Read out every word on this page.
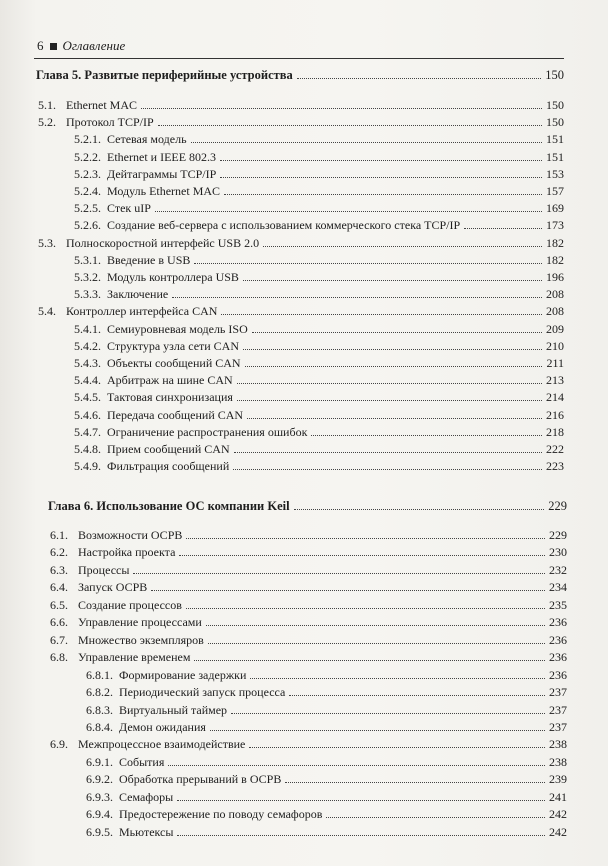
6 Оглавление
Глава 5. Развитые периферийные устройства	150
5.1. Ethernet MAC	150
5.2. Протокол TCP/IP	150
5.2.1. Сетевая модель	151
5.2.2. Ethernet и IEEE 802.3	151
5.2.3. Дейтаграммы TCP/IP	153
5.2.4. Модуль Ethernet MAC	157
5.2.5. Стек uIP	169
5.2.6. Создание веб-сервера с использованием коммерческого стека TCP/IP	173
5.3. Полноскоростной интерфейс USB 2.0	182
5.3.1. Введение в USB	182
5.3.2. Модуль контроллера USB	196
5.3.3. Заключение	208
5.4. Контроллер интерфейса CAN	208
5.4.1. Семиуровневая модель ISO	209
5.4.2. Структура узла сети CAN	210
5.4.3. Объекты сообщений CAN	211
5.4.4. Арбитраж на шине CAN	213
5.4.5. Тактовая синхронизация	214
5.4.6. Передача сообщений CAN	216
5.4.7. Ограничение распространения ошибок	218
5.4.8. Прием сообщений CAN	222
5.4.9. Фильтрация сообщений	223
Глава 6. Использование ОС компании Keil	229
6.1. Возможности ОСРВ	229
6.2. Настройка проекта	230
6.3. Процессы	232
6.4. Запуск ОСРВ	234
6.5. Создание процессов	235
6.6. Управление процессами	236
6.7. Множество экземпляров	236
6.8. Управление временем	236
6.8.1. Формирование задержки	236
6.8.2. Периодический запуск процесса	237
6.8.3. Виртуальный таймер	237
6.8.4. Демон ожидания	237
6.9. Межпроцессное взаимодействие	238
6.9.1. События	238
6.9.2. Обработка прерываний в ОСРВ	239
6.9.3. Семафоры	241
6.9.4. Предостережение по поводу семафоров	242
6.9.5. Мьютексы	242
